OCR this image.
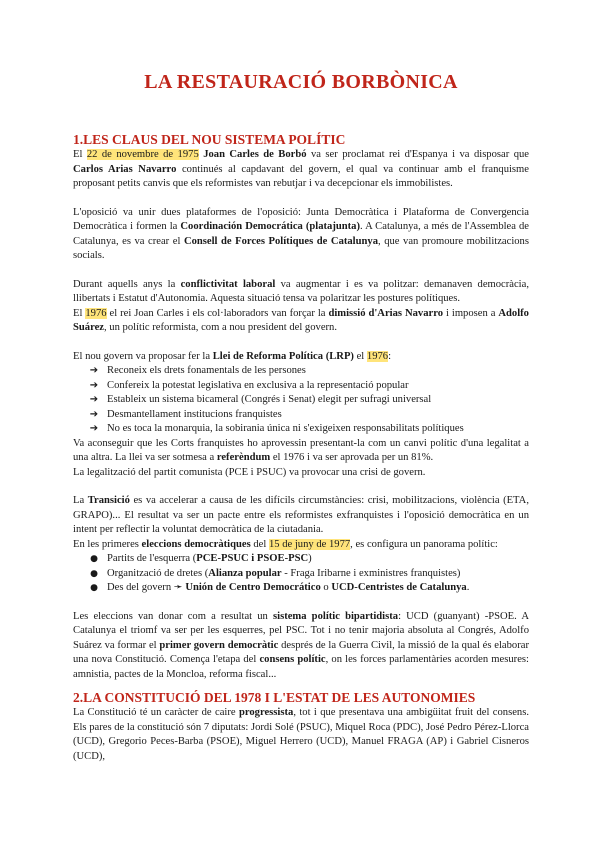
LA RESTAURACIÓ BORBÒNICA
1.LES CLAUS DEL NOU SISTEMA POLÍTIC

El 22 de novembre de 1975 Joan Carles de Borbó va ser proclamat rei d'Espanya i va disposar que Carlos Arias Navarro continués al capdavant del govern, el qual va continuar amb el franquisme proposant petits canvis que els reformistes van rebutjar i va decepcionar els immobilistes.

L'oposició va unir dues plataformes de l'oposició: Junta Democràtica i Plataforma de Convergencia Democràtica i formen la Coordinación Democrática (platajunta). A Catalunya, a més de l'Assemblea de Catalunya, es va crear el Consell de Forces Polítiques de Catalunya, que van promoure mobilitzacions socials.

Durant aquells anys la conflictivitat laboral va augmentar i es va politzar: demanaven democràcia, llibertats i Estatut d'Autonomia. Aquesta situació tensa va polaritzar les postures polítiques.

El 1976 el rei Joan Carles i els col·laboradors van forçar la dimissió d'Arias Navarro i imposen a Adolfo Suárez, un polític reformista, com a nou president del govern.

El nou govern va proposar fer la Llei de Reforma Política (LRP) el 1976:

➔ Reconeix els drets fonamentals de les persones
➔ Confereix la potestat legislativa en exclusiva a la representació popular
➔ Estableix un sistema bicameral (Congrés i Senat) elegit per sufragi universal
➔ Desmantellament institucions franquistes
➔ No es toca la monarquia, la sobirania única ni s'exigeixen responsabilitats polítiques

Va aconseguir que les Corts franquistes ho aprovessin presentant-la com un canvi polític d'una legalitat a una altra. La llei va ser sotmesa a referèndum el 1976 i va ser aprovada per un 81%.

La legalització del partit comunista (PCE i PSUC) va provocar una crisi de govern.

La Transició es va accelerar a causa de les difícils circumstàncies: crisi, mobilitzacions, violència (ETA, GRAPO)... El resultat va ser un pacte entre els reformistes exfranquistes i l'oposició democràtica en un intent per reflectir la voluntat democràtica de la ciutadania.

En les primeres eleccions democràtiques del 15 de juny de 1977, es configura un panorama polític:

● Partits de l'esquerra (PCE-PSUC i PSOE-PSC)
● Organització de dretes (Alianza popular - Fraga Iribarne i exministres franquistes)
● Des del govern ➛ Unión de Centro Democrático o UCD-Centristes de Catalunya.

Les eleccions van donar com a resultat un sistema polític bipartidista: UCD (guanyant) -PSOE. A Catalunya el triomf va ser per les esquerres, pel PSC. Tot i no tenir majoria absoluta al Congrés, Adolfo Suárez va formar el primer govern democràtic després de la Guerra Civil, la missió de la qual és elaborar una nova Constitució. Comença l'etapa del consens polític, on les forces parlamentàries acorden mesures: amnistia, pactes de la Moncloa, reforma fiscal...

2.LA CONSTITUCIÓ DEL 1978 I L'ESTAT DE LES AUTONOMIES

La Constitució té un caràcter de caire progressista, tot i que presentava una ambigüitat fruit del consens. Els pares de la constitució són 7 diputats: Jordi Solé (PSUC), Miquel Roca (PDC), José Pedro Pérez-Llorca (UCD), Gregorio Peces-Barba (PSOE), Miguel Herrero (UCD), Manuel FRAGA (AP) i Gabriel Cisneros (UCD),
